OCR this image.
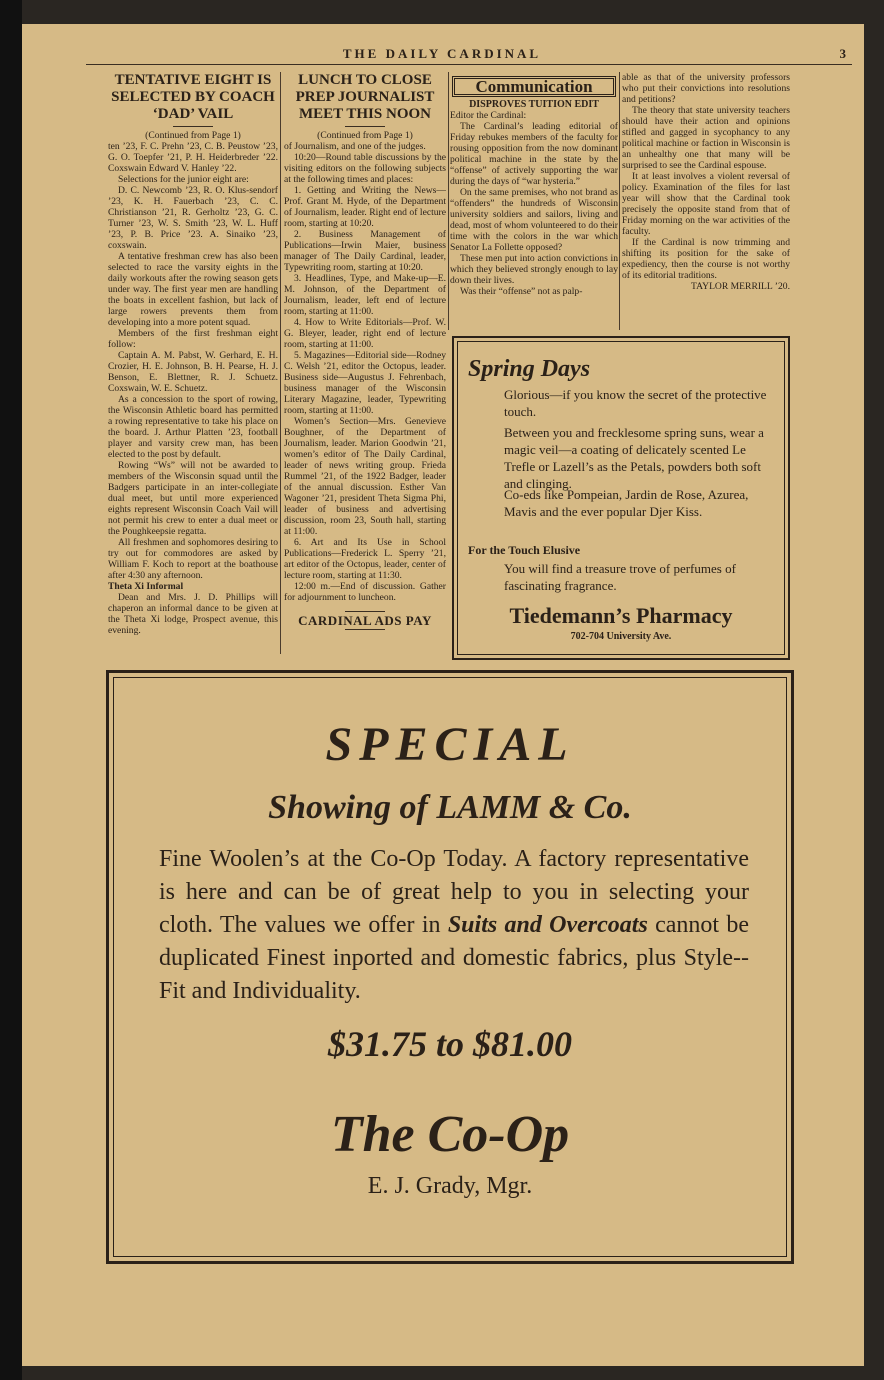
THE DAILY CARDINAL	3

TENTATIVE EIGHT IS SELECTED BY COACH ‘DAD’ VAIL

(Continued from Page 1)

ten ’23, F. C. Prehn ’23, C. B. Peustow ’23, G. O. Toepfer ’21, P. H. Heiderbreder ’22. Coxswain Edward V. Hanley ’22.

Selections for the junior eight are:

D. C. Newcomb ’23, R. O. Klus-sendorf ’23, K. H. Fauerbach ’23, C. C. Christianson ’21, R. Gerholtz ’23, G. C. Turner ’23, W. S. Smith ’23, W. L. Huff ’23, P. B. Price ’23. A. Sinaiko ’23, coxswain.

A tentative freshman crew has also been selected to race the varsity eights in the daily workouts after the rowing season gets under way. The first year men are handling the boats in excellent fashion, but lack of large rowers prevents them from developing into a more potent squad.

Members of the first freshman eight follow:

Captain A. M. Pabst, W. Gerhard, E. H. Crozier, H. E. Johnson, B. H. Pearse, H. J. Benson, E. Blettner, R. J. Schuetz. Coxswain, W. E. Schuetz.

As a concession to the sport of rowing, the Wisconsin Athletic board has permitted a rowing representative to take his place on the board. J. Arthur Platten ’23, football player and varsity crew man, has been elected to the post by default.

Rowing “Ws” will not be awarded to members of the Wisconsin squad until the Badgers participate in an inter-collegiate dual meet, but until more experienced eights represent Wisconsin Coach Vail will not permit his crew to enter a dual meet or the Poughkeepsie regatta.

All freshmen and sophomores desiring to try out for commodores are asked by William F. Koch to report at the boathouse after 4:30 any afternoon.

Theta Xi Informal

Dean and Mrs. J. D. Phillips will chaperon an informal dance to be given at the Theta Xi lodge, Prospect avenue, this evening.

LUNCH TO CLOSE PREP JOURNALIST MEET THIS NOON

(Continued from Page 1)

of Journalism, and one of the judges.

10:20—Round table discussions by the visiting editors on the following subjects at the following times and places:

1. Getting and Writing the News—Prof. Grant M. Hyde, of the Department of Journalism, leader. Right end of lecture room, starting at 10:20.

2. Business Management of Publications—Irwin Maier, business manager of The Daily Cardinal, leader, Typewriting room, starting at 10:20.

3. Headlines, Type, and Make-up—E. M. Johnson, of the Department of Journalism, leader, left end of lecture room, starting at 11:00.

4. How to Write Editorials—Prof. W. G. Bleyer, leader, right end of lecture room, starting at 11:00.

5. Magazines—Editorial side—Rodney C. Welsh ’21, editor the Octopus, leader. Business side—Augustus J. Fehrenbach, business manager of the Wisconsin Literary Magazine, leader, Typewriting room, starting at 11:00.

Women’s Section—Mrs. Genevieve Boughner, of the Department of Journalism, leader. Marion Goodwin ’21, women’s editor of The Daily Cardinal, leader of news writing group. Frieda Rummel ’21, of the 1922 Badger, leader of the annual discussion. Esther Van Wagoner ’21, president Theta Sigma Phi, leader of business and advertising discussion, room 23, South hall, starting at 11:00.

6. Art and Its Use in School Publications—Frederick L. Sperry ’21, art editor of the Octopus, leader, center of lecture room, starting at 11:30.

12:00 m.—End of discussion. Gather for adjournment to luncheon.

CARDINAL ADS PAY

Communication

DISPROVES TUITION EDIT

Editor the Cardinal:

The Cardinal’s leading editorial of Friday rebukes members of the faculty for rousing opposition from the now dominant political machine in the state by the “offense” of actively supporting the war during the days of “war hysteria.”

On the same premises, who not brand as “offenders” the hundreds of Wisconsin university soldiers and sailors, living and dead, most of whom volunteered to do their time with the colors in the war which Senator La Follette opposed?

These men put into action convictions in which they believed strongly enough to lay down their lives.

Was their “offense” not as palp-

able as that of the university professors who put their convictions into resolutions and petitions?

The theory that state university teachers should have their action and opinions stifled and gagged in sycophancy to any political machine or faction in Wisconsin is an unhealthy one that many will be surprised to see the Cardinal espouse.

It at least involves a violent reversal of policy. Examination of the files for last year will show that the Cardinal took precisely the opposite stand from that of Friday morning on the war activities of the faculty.

If the Cardinal is now trimming and shifting its position for the sake of expediency, then the course is not worthy of its editorial traditions.

TAYLOR MERRILL ’20.

Spring Days
Glorious—if you know the secret of the protective touch.
Between you and frecklesome spring suns, wear a magic veil—a coating of delicately scented Le Trefle or Lazell’s as the Petals, powders both soft and clinging.
Co-eds like Pompeian, Jardin de Rose, Azurea, Mavis and the ever popular Djer Kiss.
For the Touch Elusive
You will find a treasure trove of perfumes of fascinating fragrance.
Tiedemann’s Pharmacy
702-704 University Ave.
SPECIAL
Showing of LAMM & Co.
Fine Woolen’s at the Co-Op Today. A factory representative is here and can be of great help to you in selecting your cloth. The values we offer in Suits and Overcoats cannot be duplicated Finest inported and domestic fabrics, plus Style--Fit and Individuality.
$31.75 to $81.00
The Co-Op
E. J. Grady, Mgr.
